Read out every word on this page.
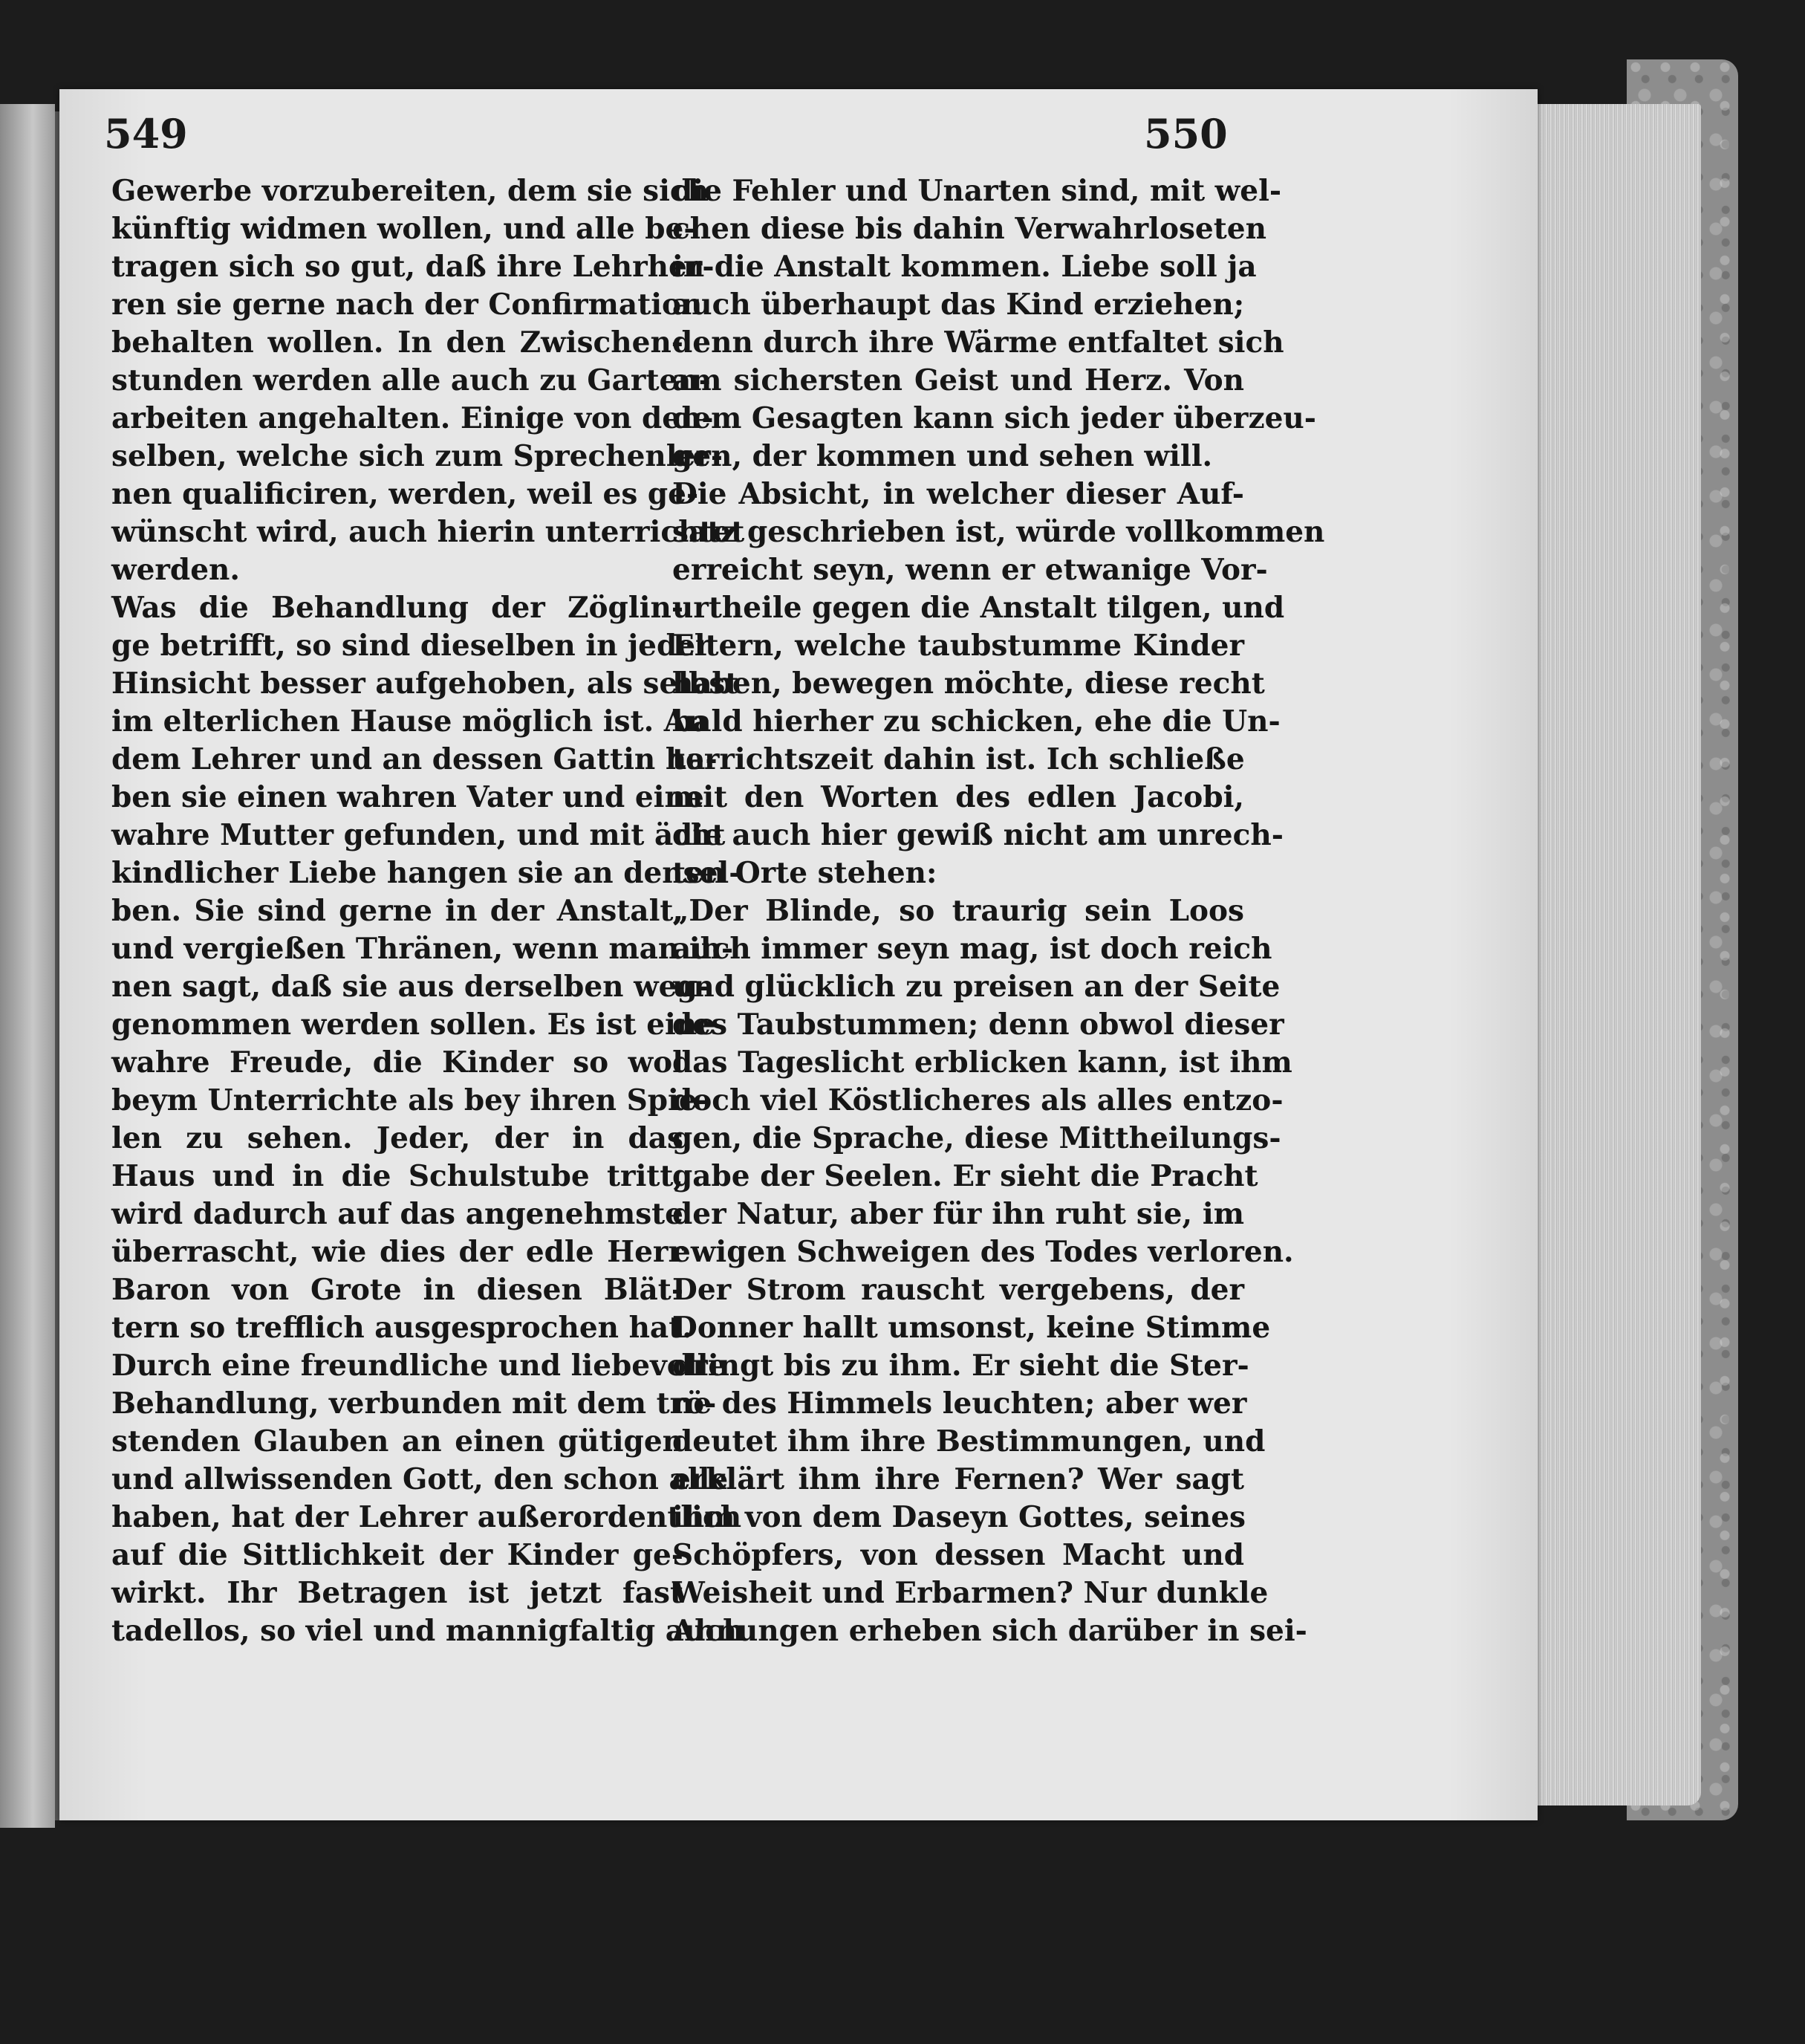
549	550
Gewerbe vorzubereiten, dem sie sich
künftig widmen wollen, und alle be-
tragen sich so gut, daß ihre Lehrher-
ren sie gerne nach der Confirmation
behalten wollen. In den Zwischen-
stunden werden alle auch zu Garten-
arbeiten angehalten. Einige von den-
selben, welche sich zum Sprechenler-
nen qualificiren, werden, weil es ge-
wünscht wird, auch hierin unterrichtet
werden.
Was die Behandlung der Zöglin-
ge betrifft, so sind dieselben in jeder
Hinsicht besser aufgehoben, als selbst
im elterlichen Hause möglich ist. An
dem Lehrer und an dessen Gattin ha-
ben sie einen wahren Vater und eine
wahre Mutter gefunden, und mit ächt
kindlicher Liebe hangen sie an densel-
ben. Sie sind gerne in der Anstalt,
und vergießen Thränen, wenn man ih-
nen sagt, daß sie aus derselben weg-
genommen werden sollen. Es ist eine
wahre Freude, die Kinder so wol
beym Unterrichte als bey ihren Spie-
len zu sehen. Jeder, der in das
Haus und in die Schulstube tritt,
wird dadurch auf das angenehmste
überrascht, wie dies der edle Herr
Baron von Grote in diesen Blät-
tern so trefflich ausgesprochen hat.
Durch eine freundliche und liebevolle
Behandlung, verbunden mit dem trö-
stenden Glauben an einen gütigen
und allwissenden Gott, den schon alle
haben, hat der Lehrer außerordentlich
auf die Sittlichkeit der Kinder ge-
wirkt. Ihr Betragen ist jetzt fast
tadellos, so viel und mannigfaltig auch
die Fehler und Unarten sind, mit wel-
chen diese bis dahin Verwahrloseten
in die Anstalt kommen. Liebe soll ja
auch überhaupt das Kind erziehen;
denn durch ihre Wärme entfaltet sich
am sichersten Geist und Herz. Von
dem Gesagten kann sich jeder überzeu-
gen, der kommen und sehen will.
Die Absicht, in welcher dieser Auf-
satz geschrieben ist, würde vollkommen
erreicht seyn, wenn er etwanige Vor-
urtheile gegen die Anstalt tilgen, und
Eltern, welche taubstumme Kinder
haben, bewegen möchte, diese recht
bald hierher zu schicken, ehe die Un-
terrichtszeit dahin ist. Ich schließe
mit den Worten des edlen Jacobi,
die auch hier gewiß nicht am unrech-
ten Orte stehen:
„Der Blinde, so traurig sein Loos
auch immer seyn mag, ist doch reich
und glücklich zu preisen an der Seite
des Taubstummen; denn obwol dieser
das Tageslicht erblicken kann, ist ihm
doch viel Köstlicheres als alles entzo-
gen, die Sprache, diese Mittheilungs-
gabe der Seelen. Er sieht die Pracht
der Natur, aber für ihn ruht sie, im
ewigen Schweigen des Todes verloren.
Der Strom rauscht vergebens, der
Donner hallt umsonst, keine Stimme
dringt bis zu ihm. Er sieht die Ster-
ne des Himmels leuchten; aber wer
deutet ihm ihre Bestimmungen, und
erklärt ihm ihre Fernen? Wer sagt
ihm von dem Daseyn Gottes, seines
Schöpfers, von dessen Macht und
Weisheit und Erbarmen? Nur dunkle
Ahnungen erheben sich darüber in sei-
